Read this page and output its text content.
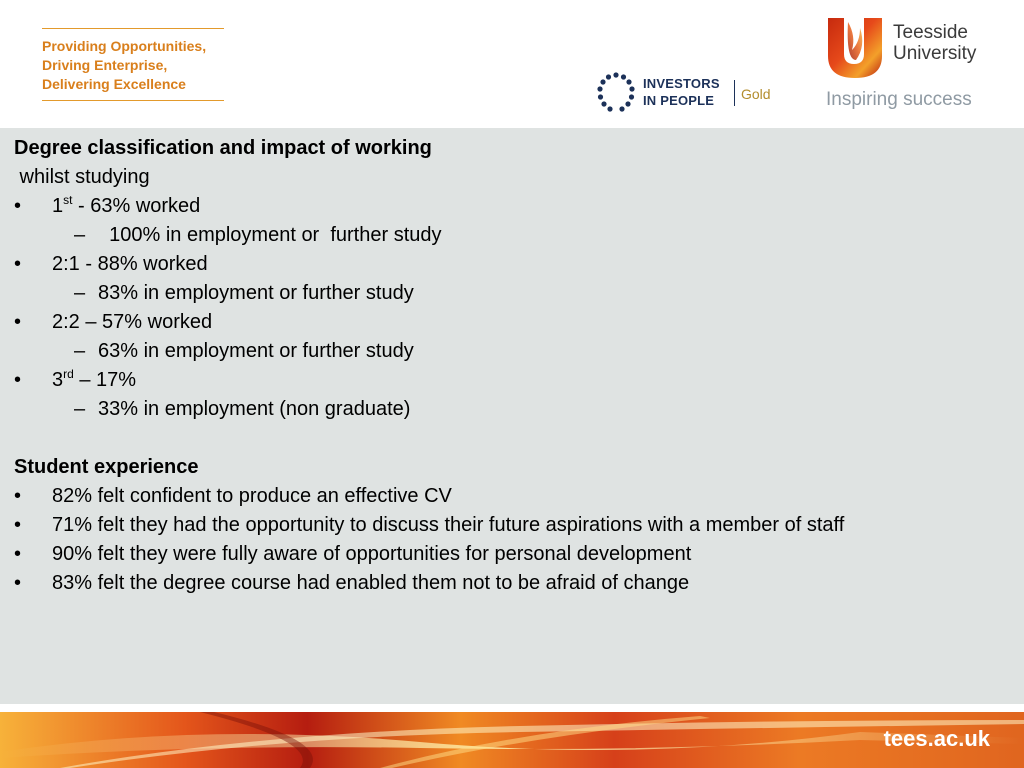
Providing Opportunities,
Driving Enterprise,
Delivering Excellence	INVESTORS
IN PEOPLE Gold
Teesside
University
Inspiring success
Degree classification and impact of working
whilst studying
•	1st - 63% worked
– 100% in employment or  further study
•	2:1 - 88% worked
– 83% in employment or further study
•	2:2 – 57% worked
– 63% in employment or further study
•	3rd – 17%
– 33% in employment (non graduate)
Student experience
•	82% felt confident to produce an effective CV
•	71% felt they had the opportunity to discuss their future aspirations with a member of staff
•	90% felt they were fully aware of opportunities for personal development
•	83% felt the degree course had enabled them not to be afraid of change
tees.ac.uk
